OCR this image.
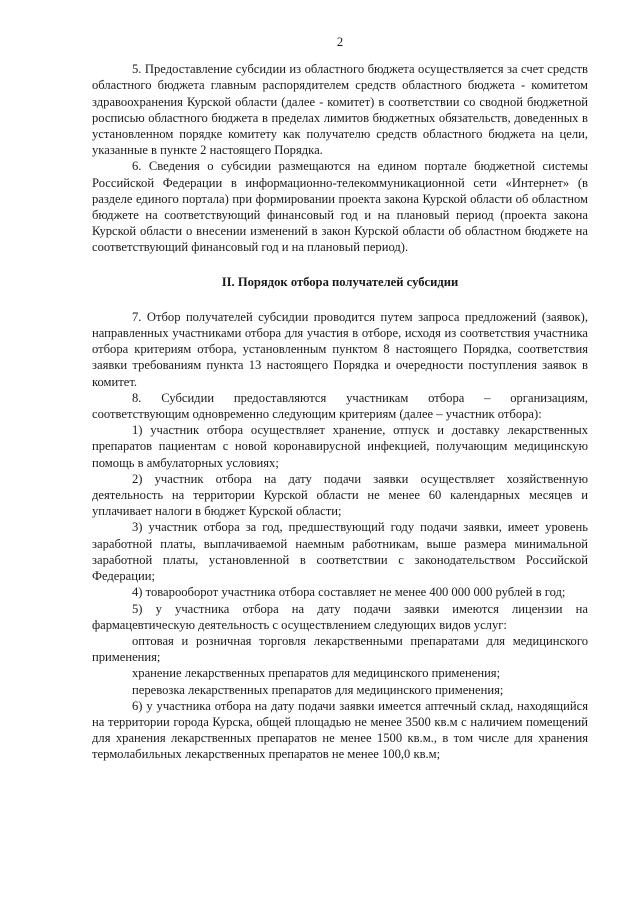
2

5. Предоставление субсидии из областного бюджета осуществляется за счет средств областного бюджета главным распорядителем средств областного бюджета - комитетом здравоохранения Курской области (далее - комитет) в соответствии со сводной бюджетной росписью областного бюджета в пределах лимитов бюджетных обязательств, доведенных в установленном порядке комитету как получателю средств областного бюджета на цели, указанные в пункте 2 настоящего Порядка.

6. Сведения о субсидии размещаются на едином портале бюджетной системы Российской Федерации в информационно-телекоммуникационной сети «Интернет» (в разделе единого портала) при формировании проекта закона Курской области об областном бюджете на соответствующий финансовый год и на плановый период (проекта закона Курской области о внесении изменений в закон Курской области об областном бюджете на соответствующий финансовый год и на плановый период).

II. Порядок отбора получателей субсидии

7. Отбор получателей субсидии проводится путем запроса предложений (заявок), направленных участниками отбора для участия в отборе, исходя из соответствия участника отбора критериям отбора, установленным пунктом 8 настоящего Порядка, соответствия заявки требованиям пункта 13 настоящего Порядка и очередности поступления заявок в комитет.

8. Субсидии предоставляются участникам отбора – организациям, соответствующим одновременно следующим критериям (далее – участник отбора):

1) участник отбора осуществляет хранение, отпуск и доставку лекарственных препаратов пациентам с новой коронавирусной инфекцией, получающим медицинскую помощь в амбулаторных условиях;

2) участник отбора на дату подачи заявки осуществляет хозяйственную деятельность на территории Курской области не менее 60 календарных месяцев и уплачивает налоги в бюджет Курской области;

3) участник отбора за год, предшествующий году подачи заявки, имеет уровень заработной платы, выплачиваемой наемным работникам, выше размера минимальной заработной платы, установленной в соответствии с законодательством Российской Федерации;

4) товарооборот участника отбора составляет не менее 400 000 000 рублей в год;

5) у участника отбора на дату подачи заявки имеются лицензии на фармацевтическую деятельность с осуществлением следующих видов услуг:

оптовая и розничная торговля лекарственными препаратами для медицинского применения;

хранение лекарственных препаратов для медицинского применения;

перевозка лекарственных препаратов для медицинского применения;

6) у участника отбора на дату подачи заявки имеется аптечный склад, находящийся на территории города Курска, общей площадью не менее 3500 кв.м с наличием помещений для хранения лекарственных препаратов не менее 1500 кв.м., в том числе для хранения термолабильных лекарственных препаратов не менее 100,0 кв.м;
